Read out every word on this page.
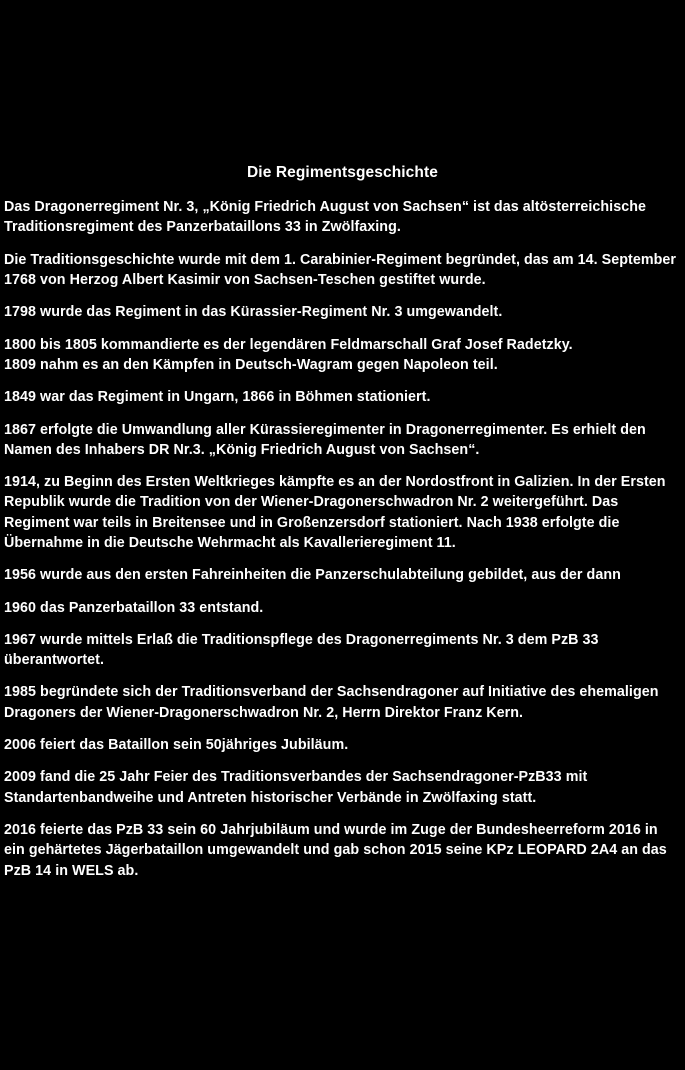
Die Regimentsgeschichte

Das Dragonerregiment Nr. 3, „König Friedrich August von Sachsen“ ist das altösterreichische Traditionsregiment des Panzerbataillons 33 in Zwölfaxing.

Die Traditionsgeschichte wurde mit dem 1. Carabinier-Regiment begründet, das am 14. September 1768 von Herzog Albert Kasimir von Sachsen-Teschen gestiftet wurde.

1798 wurde das Regiment in das Kürassier-Regiment Nr. 3 umgewandelt.

1800 bis 1805 kommandierte es der legendären Feldmarschall Graf Josef Radetzky.
1809 nahm es an den Kämpfen in Deutsch-Wagram gegen Napoleon teil.

1849 war das Regiment in Ungarn, 1866 in Böhmen stationiert.

1867 erfolgte die Umwandlung aller Kürassieregimenter in Dragonerregimenter. Es erhielt den Namen des Inhabers DR Nr.3. „König Friedrich August von Sachsen“.

1914, zu Beginn des Ersten Weltkrieges kämpfte es an der Nordostfront in Galizien. In der Ersten Republik wurde die Tradition von der Wiener-Dragonerschwadron Nr. 2 weitergeführt. Das Regiment war teils in Breitensee und in Großenzersdorf stationiert. Nach 1938 erfolgte die Übernahme in die Deutsche Wehrmacht als Kavallerieregiment 11.

1956 wurde aus den ersten Fahreinheiten die Panzerschulabteilung gebildet, aus der dann

1960 das Panzerbataillon 33 entstand.

1967 wurde mittels Erlaß die Traditionspflege des Dragonerregiments Nr. 3 dem PzB 33 überantwortet.

1985 begründete sich der Traditionsverband der Sachsendragoner auf Initiative des ehemaligen Dragoners der Wiener-Dragonerschwadron Nr. 2, Herrn Direktor Franz Kern.

2006 feiert das Bataillon sein 50jähriges Jubiläum.

2009 fand die 25 Jahr Feier des Traditionsverbandes der Sachsendragoner-PzB33 mit Standartenbandweihe und Antreten historischer Verbände in Zwölfaxing statt.

2016 feierte das PzB 33 sein 60 Jahrjubiläum und wurde im Zuge der Bundesheerreform 2016 in ein gehärtetes Jägerbataillon umgewandelt und gab schon 2015 seine KPz LEOPARD 2A4 an das PzB 14 in WELS ab.
